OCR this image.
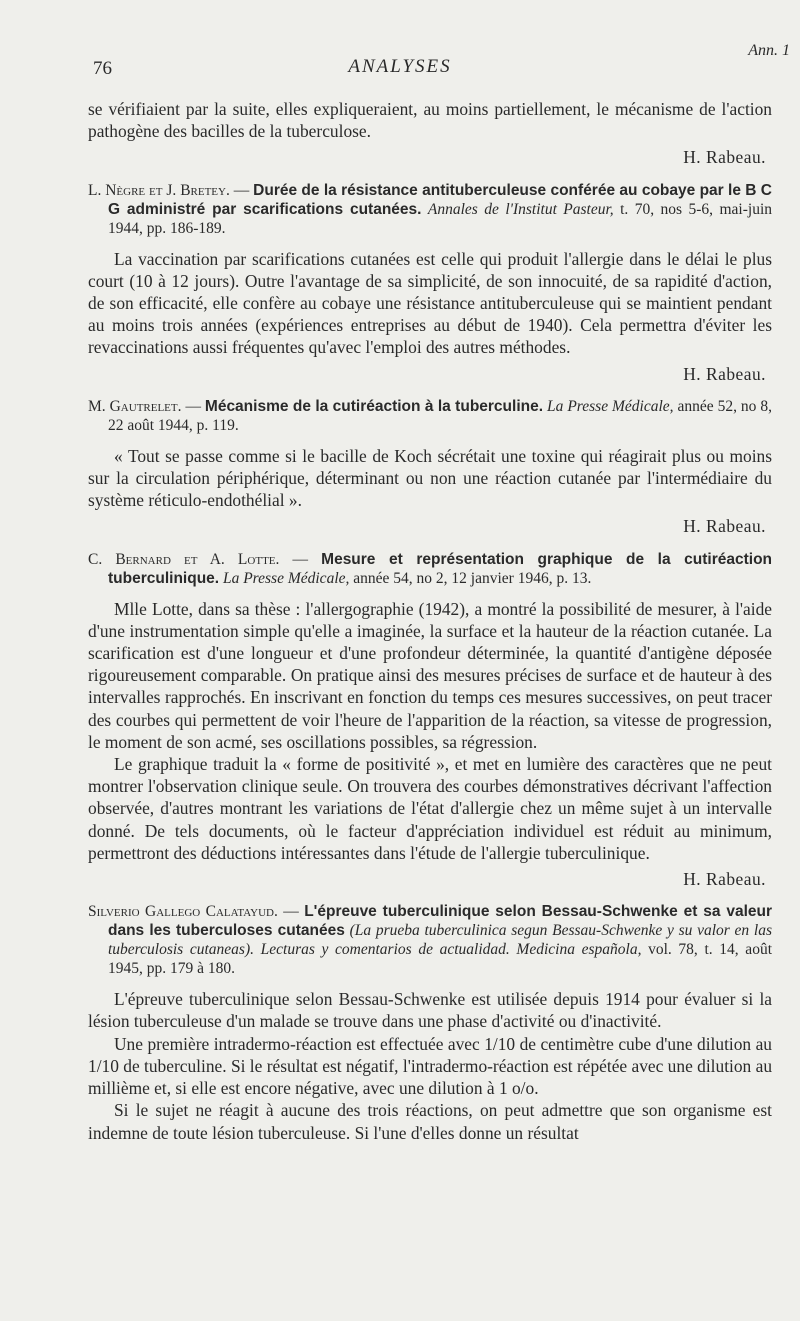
76	ANALYSES
Ann. 1

se vérifiaient par la suite, elles expliqueraient, au moins partiellement, le mécanisme de l'action pathogène des bacilles de la tuberculose.

H. Rabeau.

L. Nègre et J. Bretey. — Durée de la résistance antituberculeuse conférée au cobaye par le B C G administré par scarifications cutanées. Annales de l'Institut Pasteur, t. 70, nos 5-6, mai-juin 1944, pp. 186-189.

La vaccination par scarifications cutanées est celle qui produit l'allergie dans le délai le plus court (10 à 12 jours). Outre l'avantage de sa simplicité, de son innocuité, de sa rapidité d'action, de son efficacité, elle confère au cobaye une résistance antituberculeuse qui se maintient pendant au moins trois années (expériences entreprises au début de 1940). Cela permettra d'éviter les revaccinations aussi fréquentes qu'avec l'emploi des autres méthodes.

H. Rabeau.

M. Gautrelet. — Mécanisme de la cutiréaction à la tuberculine. La Presse Médicale, année 52, no 8, 22 août 1944, p. 119.

« Tout se passe comme si le bacille de Koch sécrétait une toxine qui réagirait plus ou moins sur la circulation périphérique, déterminant ou non une réaction cutanée par l'intermédiaire du système réticulo-endothélial ».

H. Rabeau.

C. Bernard et A. Lotte. — Mesure et représentation graphique de la cutiréaction tuberculinique. La Presse Médicale, année 54, no 2, 12 janvier 1946, p. 13.

Mlle Lotte, dans sa thèse : l'allergographie (1942), a montré la possibilité de mesurer, à l'aide d'une instrumentation simple qu'elle a imaginée, la surface et la hauteur de la réaction cutanée. La scarification est d'une longueur et d'une profondeur déterminée, la quantité d'antigène déposée rigoureusement comparable. On pratique ainsi des mesures précises de surface et de hauteur à des intervalles rapprochés. En inscrivant en fonction du temps ces mesures successives, on peut tracer des courbes qui permettent de voir l'heure de l'apparition de la réaction, sa vitesse de progression, le moment de son acmé, ses oscillations possibles, sa régression.

Le graphique traduit la « forme de positivité », et met en lumière des caractères que ne peut montrer l'observation clinique seule. On trouvera des courbes démonstratives décrivant l'affection observée, d'autres montrant les variations de l'état d'allergie chez un même sujet à un intervalle donné. De tels documents, où le facteur d'appréciation individuel est réduit au minimum, permettront des déductions intéressantes dans l'étude de l'allergie tuberculinique.

H. Rabeau.

Silverio Gallego Calatayud. — L'épreuve tuberculinique selon Bessau-Schwenke et sa valeur dans les tuberculoses cutanées (La prueba tuberculinica segun Bessau-Schwenke y su valor en las tuberculosis cutaneas). Lecturas y comentarios de actualidad. Medicina española, vol. 78, t. 14, août 1945, pp. 179 à 180.

L'épreuve tuberculinique selon Bessau-Schwenke est utilisée depuis 1914 pour évaluer si la lésion tuberculeuse d'un malade se trouve dans une phase d'activité ou d'inactivité.

Une première intradermo-réaction est effectuée avec 1/10 de centimètre cube d'une dilution au 1/10 de tuberculine. Si le résultat est négatif, l'intradermo-réaction est répétée avec une dilution au millième et, si elle est encore négative, avec une dilution à 1 o/o.

Si le sujet ne réagit à aucune des trois réactions, on peut admettre que son organisme est indemne de toute lésion tuberculeuse. Si l'une d'elles donne un résultat
